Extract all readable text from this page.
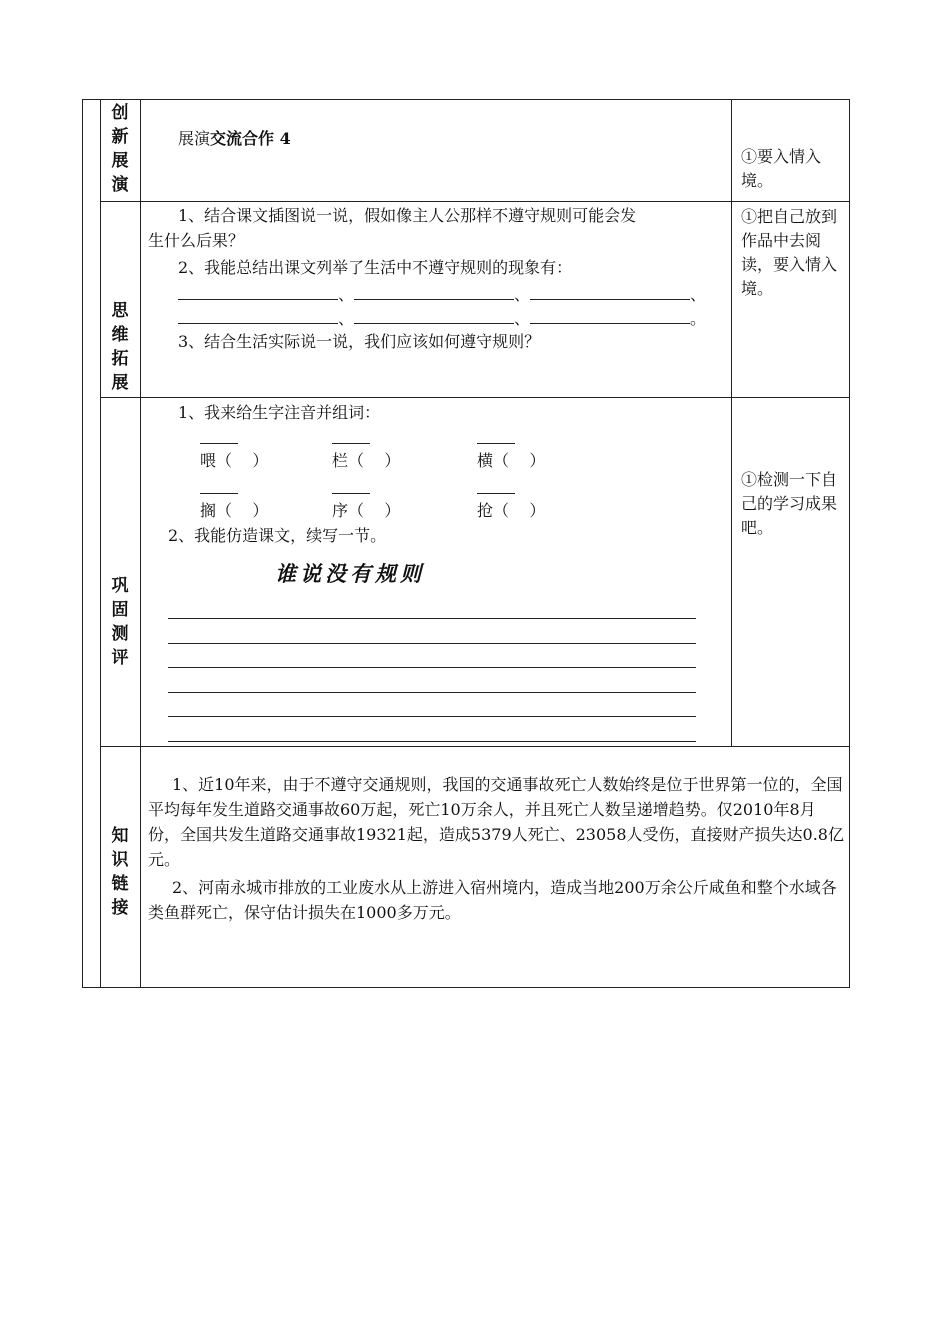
创
新
展
演
展演交流合作 4
①要入情入境。
思
维
拓
展
1、结合课文插图说一说，假如像主人公那样不遵守规则可能会发
生什么后果？
2、我能总结出课文列举了生活中不遵守规则的现象有：
、	、	、
、	、	。
3、结合生活实际说一说，我们应该如何遵守规则？
①把自己放到作品中去阅读，要入情入境。
巩
固
测
评
1、我来给生字注音并组词：
喂（    ）	栏（    ）	横（    ）
搁（    ）	序（    ）	抢（    ）
2、我能仿造课文，续写一节。
谁说没有规则
①检测一下自己的学习成果吧。
知
识
链
接
1、近10年来，由于不遵守交通规则，我国的交通事故死亡人数始终是位于世界第一位的，全国平均每年发生道路交通事故60万起，死亡10万余人，并且死亡人数呈递增趋势。仅2010年8月份，全国共发生道路交通事故19321起，造成5379人死亡、23058人受伤，直接财产损失达0.8亿元。
2、河南永城市排放的工业废水从上游进入宿州境内，造成当地200万余公斤咸鱼和整个水域各类鱼群死亡，保守估计损失在1000多万元。
